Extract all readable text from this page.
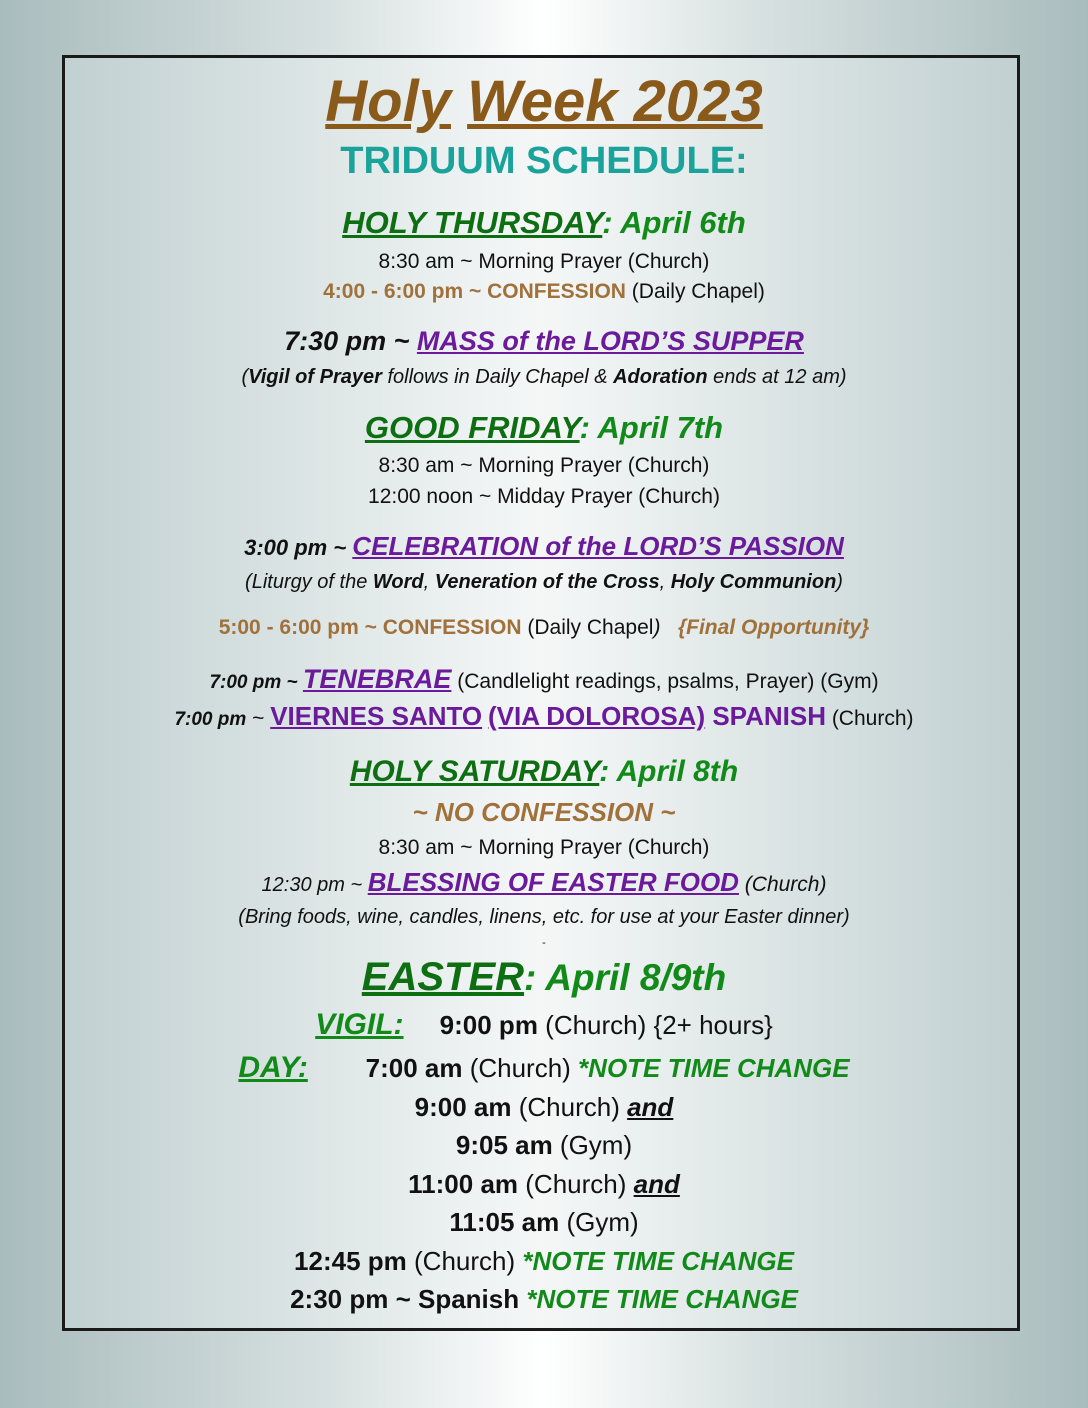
Holy Week 2023
TRIDUUM SCHEDULE:
HOLY THURSDAY: April 6th
8:30 am ~ Morning Prayer (Church)
4:00 - 6:00 pm ~ CONFESSION (Daily Chapel)
7:30 pm ~ MASS of the LORD’S SUPPER
(Vigil of Prayer follows in Daily Chapel & Adoration ends at 12 am)
GOOD FRIDAY: April 7th
8:30 am ~ Morning Prayer (Church)
12:00 noon ~ Midday Prayer (Church)
3:00 pm ~ CELEBRATION of the LORD’S PASSION
(Liturgy of the Word, Veneration of the Cross, Holy Communion)
5:00 - 6:00 pm ~ CONFESSION (Daily Chapel) {Final Opportunity}
7:00 pm ~ TENEBRAE (Candlelight readings, psalms, Prayer) (Gym)
7:00 pm ~ VIERNES SANTO (VIA DOLOROSA) SPANISH (Church)
HOLY SATURDAY: April 8th
~ NO CONFESSION ~
8:30 am ~ Morning Prayer (Church)
12:30 pm ~ BLESSING OF EASTER FOOD (Church)
(Bring foods, wine, candles, linens, etc. for use at your Easter dinner)
-
EASTER: April 8/9th
VIGIL: 9:00 pm (Church) {2+ hours}
DAY: 7:00 am (Church) *NOTE TIME CHANGE
9:00 am (Church) and
9:05 am (Gym)
11:00 am (Church) and
11:05 am (Gym)
12:45 pm (Church) *NOTE TIME CHANGE
2:30 pm ~ Spanish *NOTE TIME CHANGE
